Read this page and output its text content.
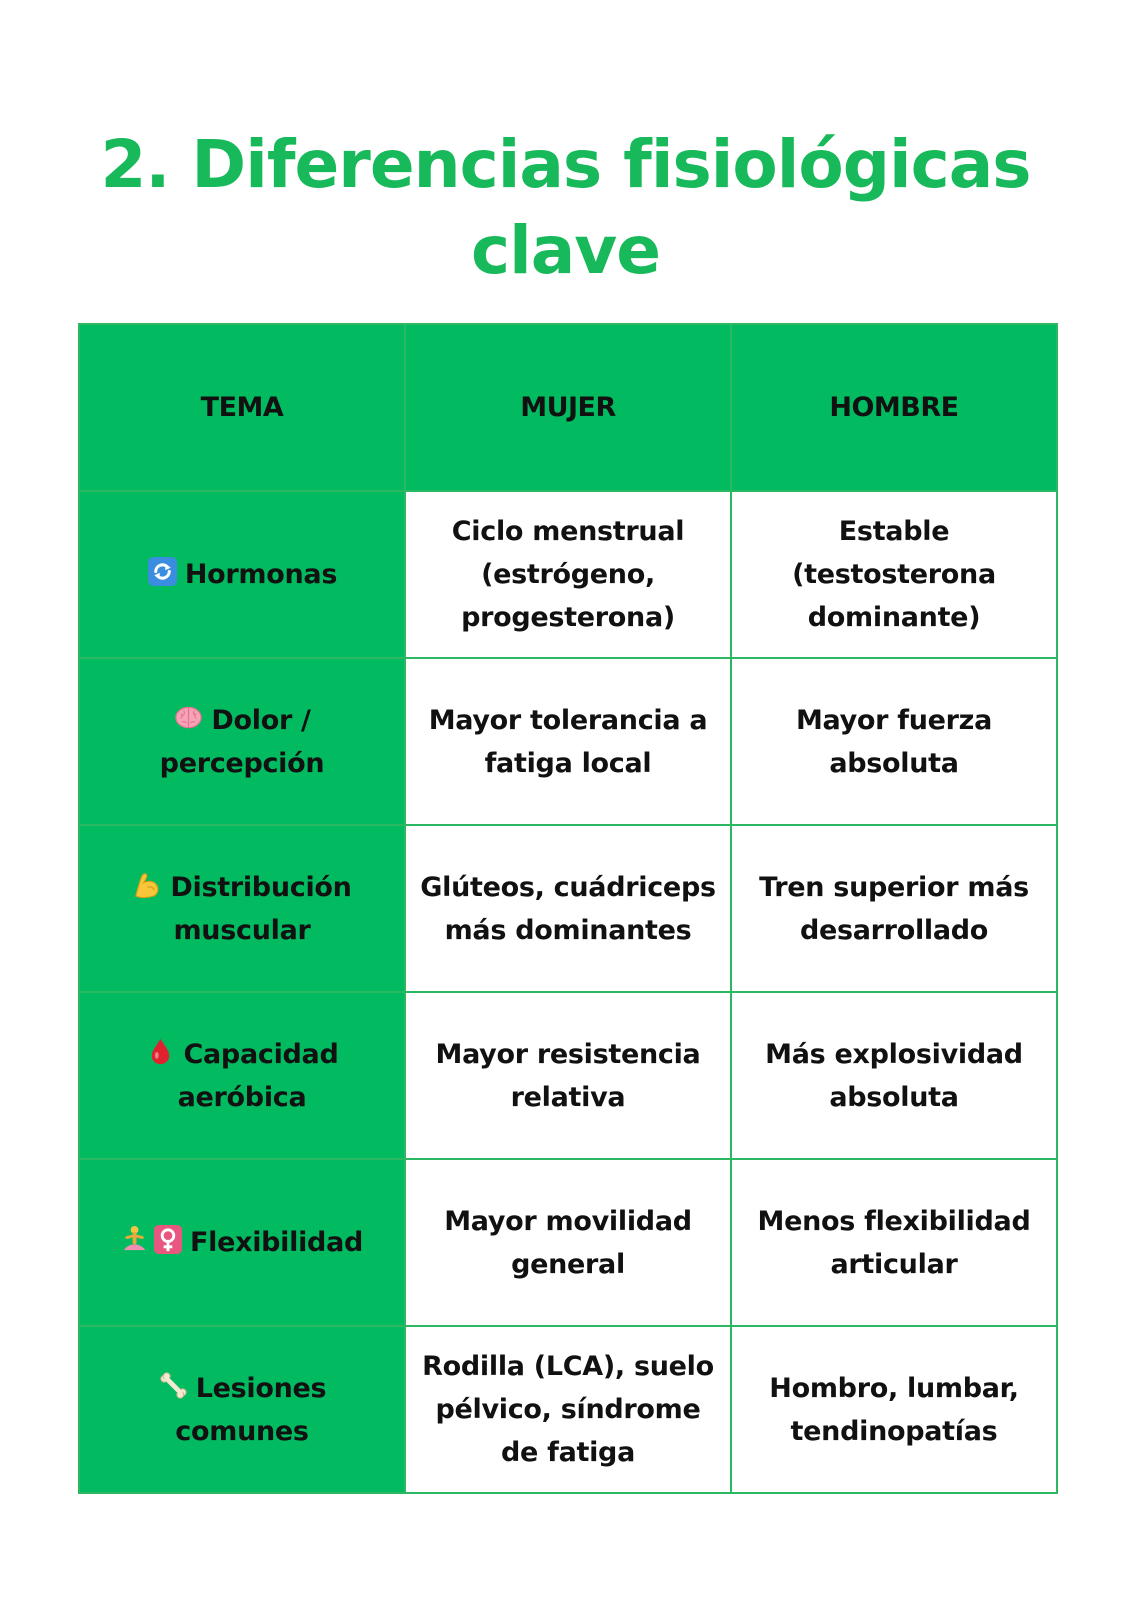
2. Diferencias fisiológicas clave
TEMA	MUJER	HOMBRE

Hormonas	Ciclo menstrual (estrógeno, progesterona)	Estable (testosterona dominante)

Dolor / percepción	Mayor tolerancia a fatiga local	Mayor fuerza absoluta

Distribución muscular	Glúteos, cuádriceps más dominantes	Tren superior más desarrollado

Capacidad aeróbica	Mayor resistencia relativa	Más explosividad absoluta

Flexibilidad	Mayor movilidad general	Menos flexibilidad articular

Lesiones comunes	Rodilla (LCA), suelo pélvico, síndrome de fatiga	Hombro, lumbar, tendinopatías
